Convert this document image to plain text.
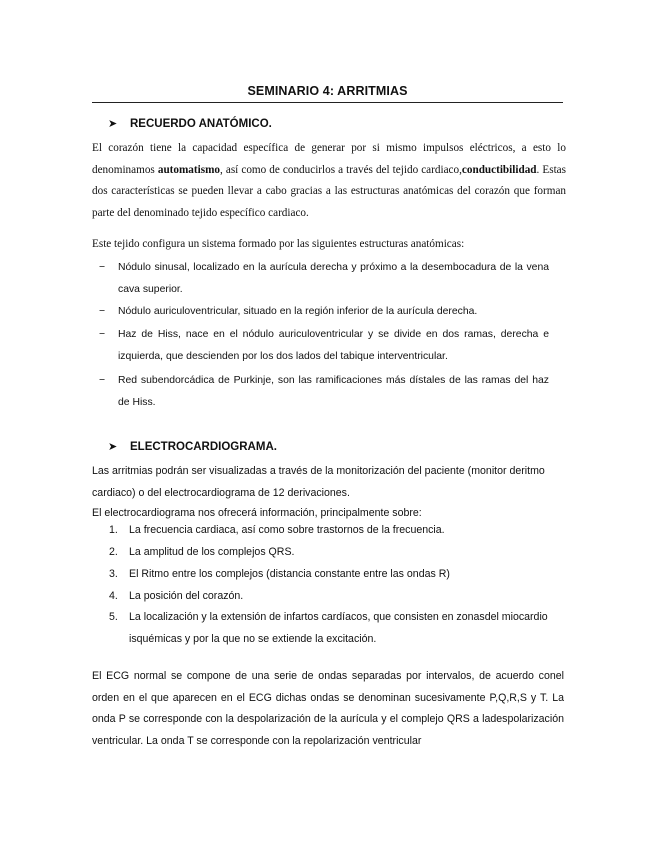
SEMINARIO 4: ARRITMIAS
➤ RECUERDO ANATÓMICO.

El corazón tiene la capacidad específica de generar por si mismo impulsos eléctricos, a esto lo denominamos automatismo, así como de conducirlos a través del tejido cardiaco,conductibilidad. Estas dos características se pueden llevar a cabo gracias a las estructuras anatómicas del corazón que forman parte del denominado tejido específico cardiaco.

Este tejido configura un sistema formado por las siguientes estructuras anatómicas:

− Nódulo sinusal, localizado en la aurícula derecha y próximo a la desembocadura de la vena cava superior.
− Nódulo auriculoventricular, situado en la región inferior de la aurícula derecha.
− Haz de Hiss, nace en el nódulo auriculoventricular y se divide en dos ramas, derecha e izquierda, que descienden por los dos lados del tabique interventricular.
− Red subendorcádica de Purkinje, son las ramificaciones más dístales de las ramas del haz de Hiss.
➤ ELECTROCARDIOGRAMA.

Las arritmias podrán ser visualizadas a través de la monitorización del paciente (monitor deritmo cardiaco) o del electrocardiograma de 12 derivaciones.

El electrocardiograma nos ofrecerá información, principalmente sobre:

1. La frecuencia cardiaca, así como sobre trastornos de la frecuencia.
2. La amplitud de los complejos QRS.
3. El Ritmo entre los complejos (distancia constante entre las ondas R)
4. La posición del corazón.
5. La localización y la extensión de infartos cardíacos, que consisten en zonasdel miocardio isquémicas y por la que no se extiende la excitación.

El ECG normal se compone de una serie de ondas separadas por intervalos, de acuerdo conel orden en el que aparecen en el ECG dichas ondas se denominan sucesivamente P,Q,R,S y T. La onda P se corresponde con la despolarización de la aurícula y el complejo QRS a ladespolarización ventricular. La onda T se corresponde con la repolarización ventricular
